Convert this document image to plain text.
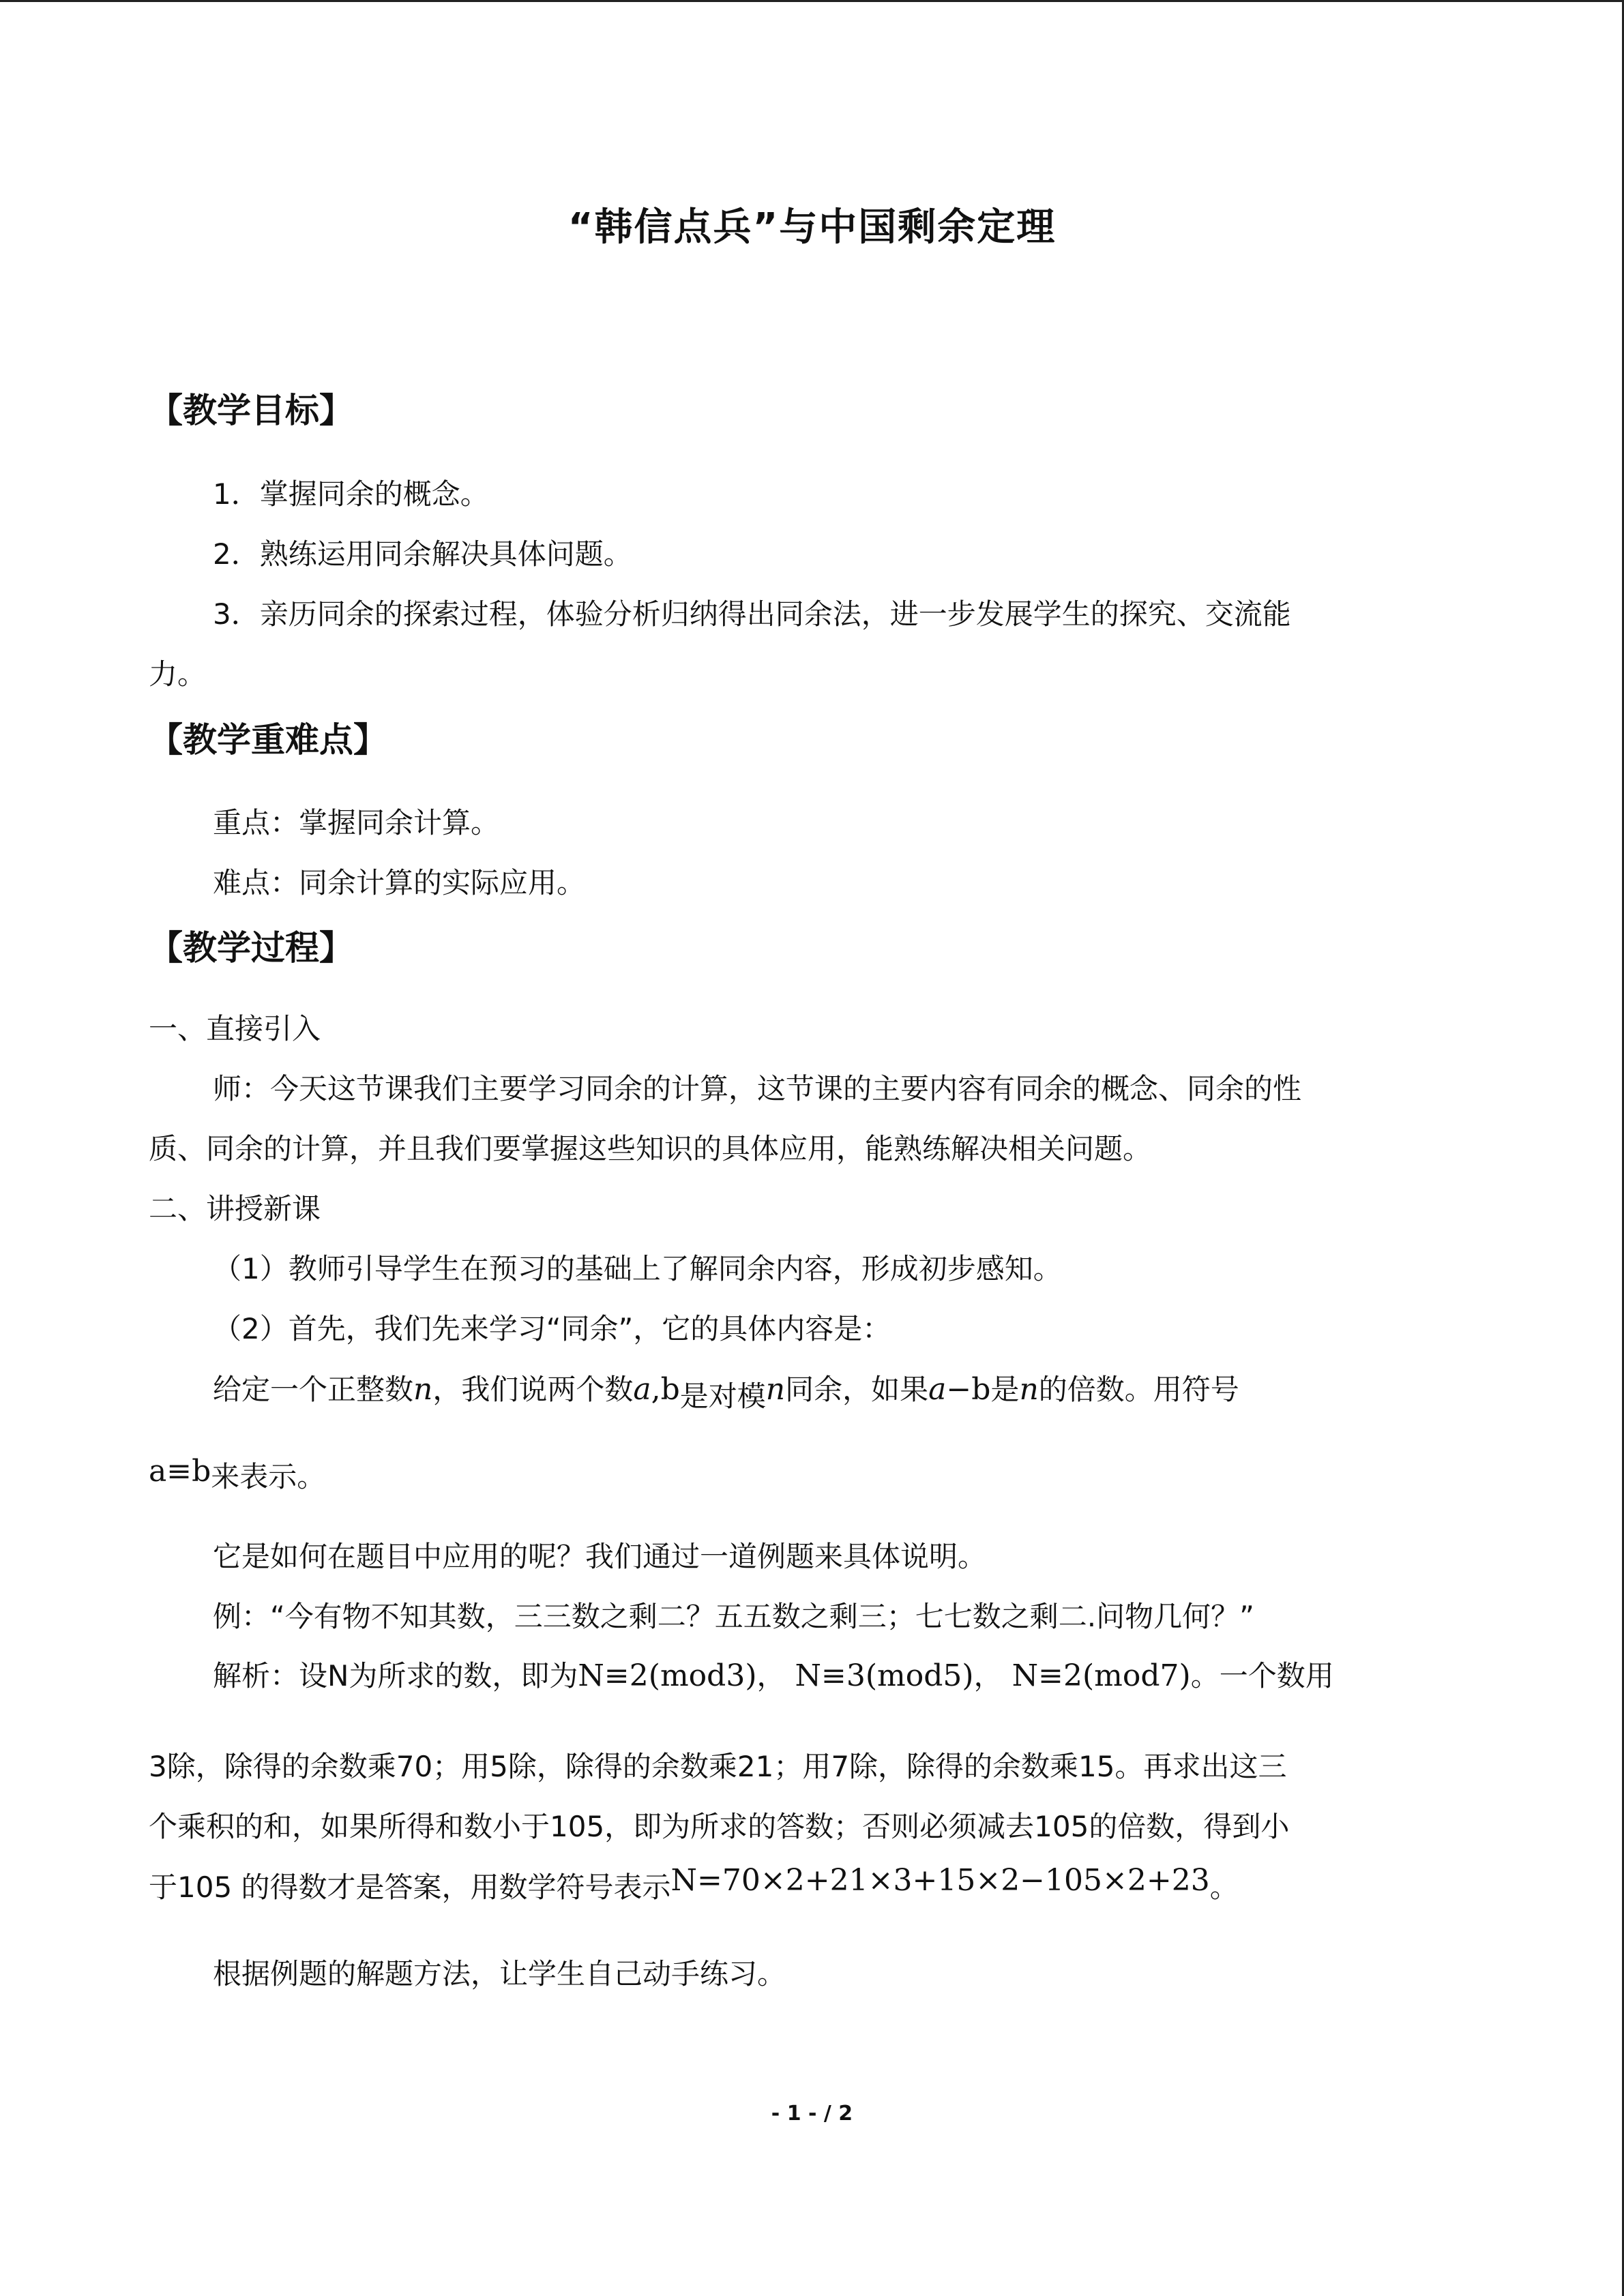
“韩信点兵”与中国剩余定理
【教学目标】
1．掌握同余的概念。
2．熟练运用同余解决具体问题。
3．亲历同余的探索过程，体验分析归纳得出同余法，进一步发展学生的探究、交流能
力。
【教学重难点】
重点：掌握同余计算。
难点：同余计算的实际应用。
【教学过程】
一、直接引入
师：今天这节课我们主要学习同余的计算，这节课的主要内容有同余的概念、同余的性
质、同余的计算，并且我们要掌握这些知识的具体应用，能熟练解决相关问题。
二、讲授新课
（1）教师引导学生在预习的基础上了解同余内容，形成初步感知。
（2）首先，我们先来学习“同余”，它的具体内容是：
给定一个正整数n，我们说两个数a,b是对模n同余，如果a−b是n的倍数。用符号
a≡b来表示。
它是如何在题目中应用的呢？我们通过一道例题来具体说明。
例：“今有物不知其数，三三数之剩二？五五数之剩三；七七数之剩二.问物几何？”
解析：设N为所求的数，即为N≡2(mod3)， N≡3(mod5)， N≡2(mod7)。一个数用
3除，除得的余数乘70；用5除，除得的余数乘21；用7除，除得的余数乘15。再求出这三
个乘积的和，如果所得和数小于105，即为所求的答数；否则必须减去105的倍数，得到小
于105 的得数才是答案，用数学符号表示N=70×2+21×3+15×2−105×2+23。
根据例题的解题方法，让学生自己动手练习。
- 1 - / 2
